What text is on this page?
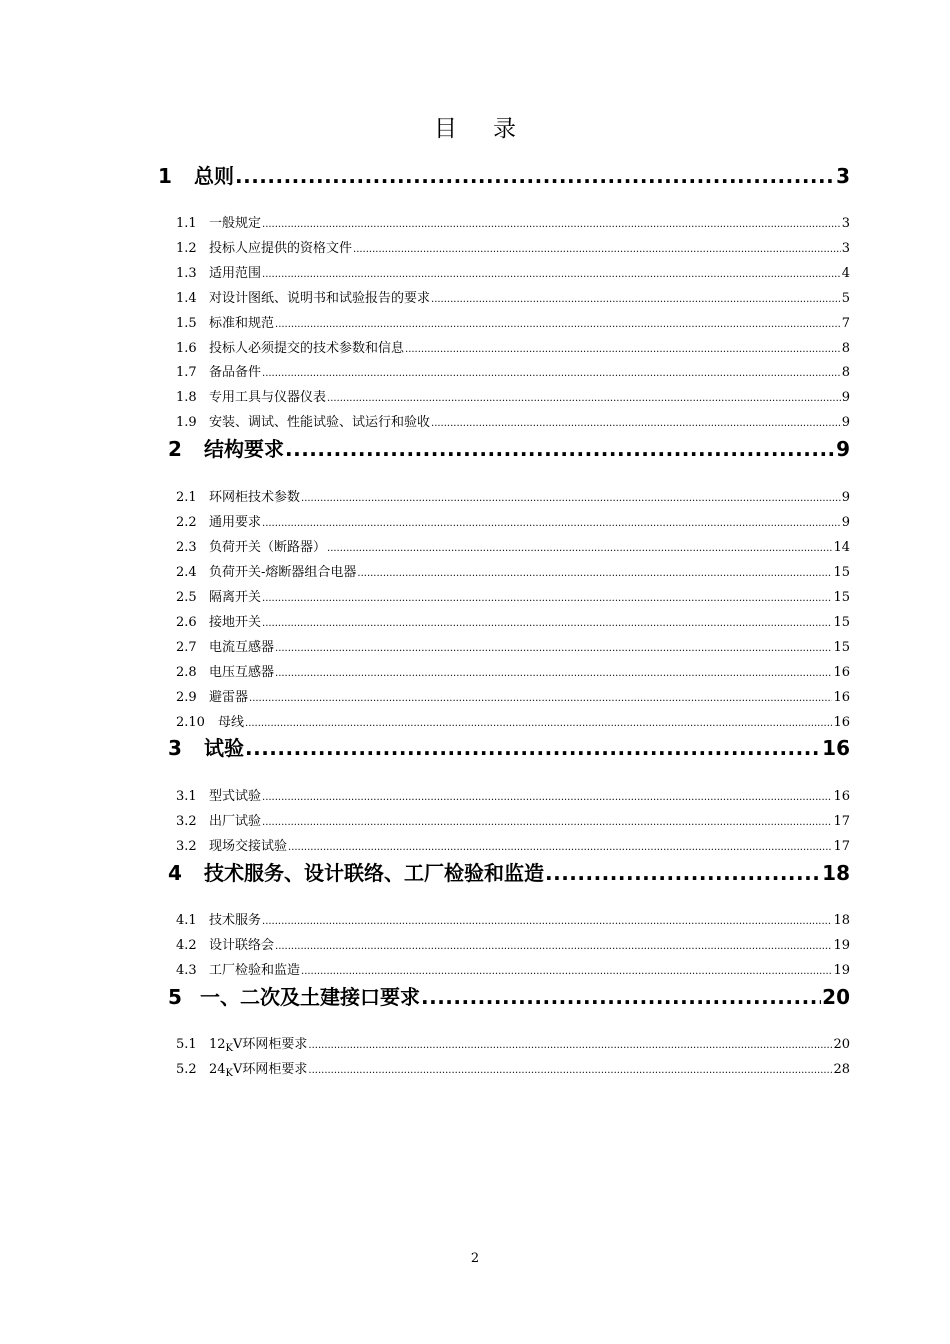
目 录
1	总则 .....	3
1.1 一般规定 .....	3
1.2 投标人应提供的资格文件 .....	3
1.3 适用范围 .....	4
1.4 对设计图纸、说明书和试验报告的要求 .....	5
1.5 标准和规范 .....	7
1.6 投标人必须提交的技术参数和信息 .....	8
1.7 备品备件 .....	8
1.8 专用工具与仪器仪表 .....	9
1.9 安装、调试、性能试验、试运行和验收 .....	9
2	结构要求 .....	9
2.1 环网柜技术参数 .....	9
2.2 通用要求 .....	9
2.3 负荷开关（断路器） .....	14
2.4 负荷开关-熔断器组合电器 .....	15
2.5 隔离开关 .....	15
2.6 接地开关 .....	15
2.7 电流互感器 .....	15
2.8 电压互感器 .....	16
2.9 避雷器 .....	16
2.10	母线 .....	16
3	试验 .....	16
3.1 型式试验 .....	16
3.2 出厂试验 .....	17
3.2 现场交接试验 .....	17
4	技术服务、设计联络、工厂检验和监造 .....	18
4.1 技术服务 .....	18
4.2 设计联络会 .....	19
4.3 工厂检验和监造 .....	19
5 一、二次及土建接口要求 .....	20
5.1 $12_KV$环网柜要求 .....	20
5.2 $24_KV$环网柜要求 .....	28
2
